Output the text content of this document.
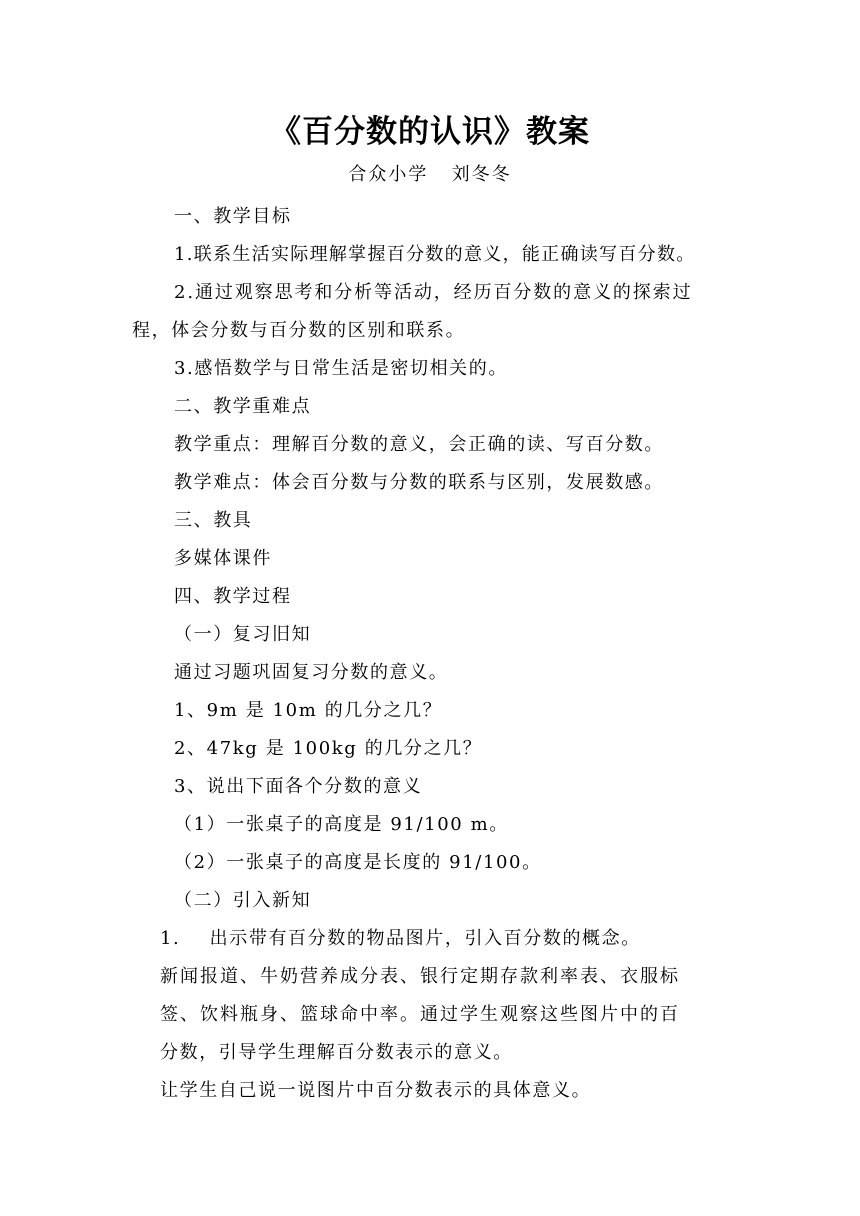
《百分数的认识》教案
合众小学   刘冬冬
一、教学目标
1.联系生活实际理解掌握百分数的意义，能正确读写百分数。
2.通过观察思考和分析等活动，经历百分数的意义的探索过
程，体会分数与百分数的区别和联系。
3.感悟数学与日常生活是密切相关的。
二、教学重难点
教学重点：理解百分数的意义，会正确的读、写百分数。
教学难点：体会百分数与分数的联系与区别，发展数感。
三、教具
多媒体课件
四、教学过程
（一）复习旧知
通过习题巩固复习分数的意义。
1、9m 是 10m 的几分之几？
2、47kg 是 100kg 的几分之几？
3、说出下面各个分数的意义
（1）一张桌子的高度是 91/100 m。
（2）一张桌子的高度是长度的 91/100。
（二）引入新知
1.    出示带有百分数的物品图片，引入百分数的概念。
新闻报道、牛奶营养成分表、银行定期存款利率表、衣服标
签、饮料瓶身、篮球命中率。通过学生观察这些图片中的百
分数，引导学生理解百分数表示的意义。
让学生自己说一说图片中百分数表示的具体意义。
